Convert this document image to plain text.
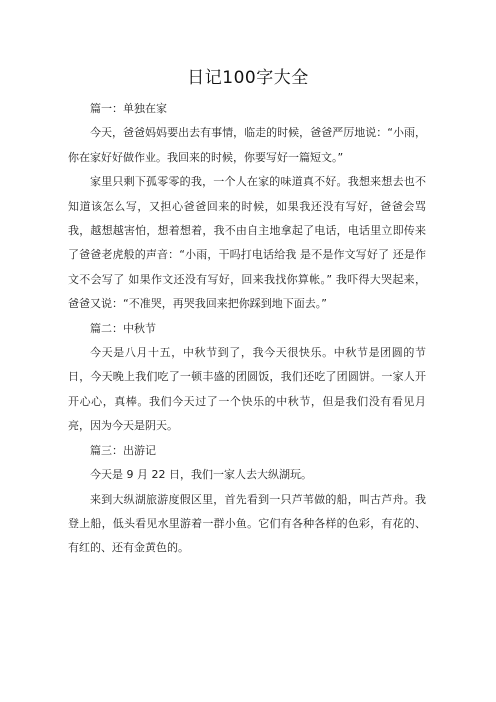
日记100字大全

篇一：单独在家

今天，爸爸妈妈要出去有事情，临走的时候，爸爸严厉地说：“小雨，你在家好好做作业。我回来的时候，你要写好一篇短文。”

家里只剩下孤零零的我，一个人在家的味道真不好。我想来想去也不知道该怎么写，又担心爸爸回来的时候，如果我还没有写好，爸爸会骂我，越想越害怕，想着想着，我不由自主地拿起了电话，电话里立即传来了爸爸老虎般的声音：“小雨，干吗打电话给我 是不是作文写好了 还是作文不会写了 如果作文还没有写好，回来我找你算帐。” 我吓得大哭起来，爸爸又说：“不准哭，再哭我回来把你踩到地下面去。”

篇二：中秋节

今天是八月十五，中秋节到了，我今天很快乐。中秋节是团圆的节日，今天晚上我们吃了一顿丰盛的团圆饭，我们还吃了团圆饼。一家人开开心心，真棒。我们今天过了一个快乐的中秋节，但是我们没有看见月亮，因为今天是阴天。

篇三：出游记

今天是 9 月 22 日，我们一家人去大纵湖玩。

来到大纵湖旅游度假区里，首先看到一只芦苇做的船，叫古芦舟。我登上船，低头看见水里游着一群小鱼。它们有各种各样的色彩，有花的、有红的、还有金黄色的。
